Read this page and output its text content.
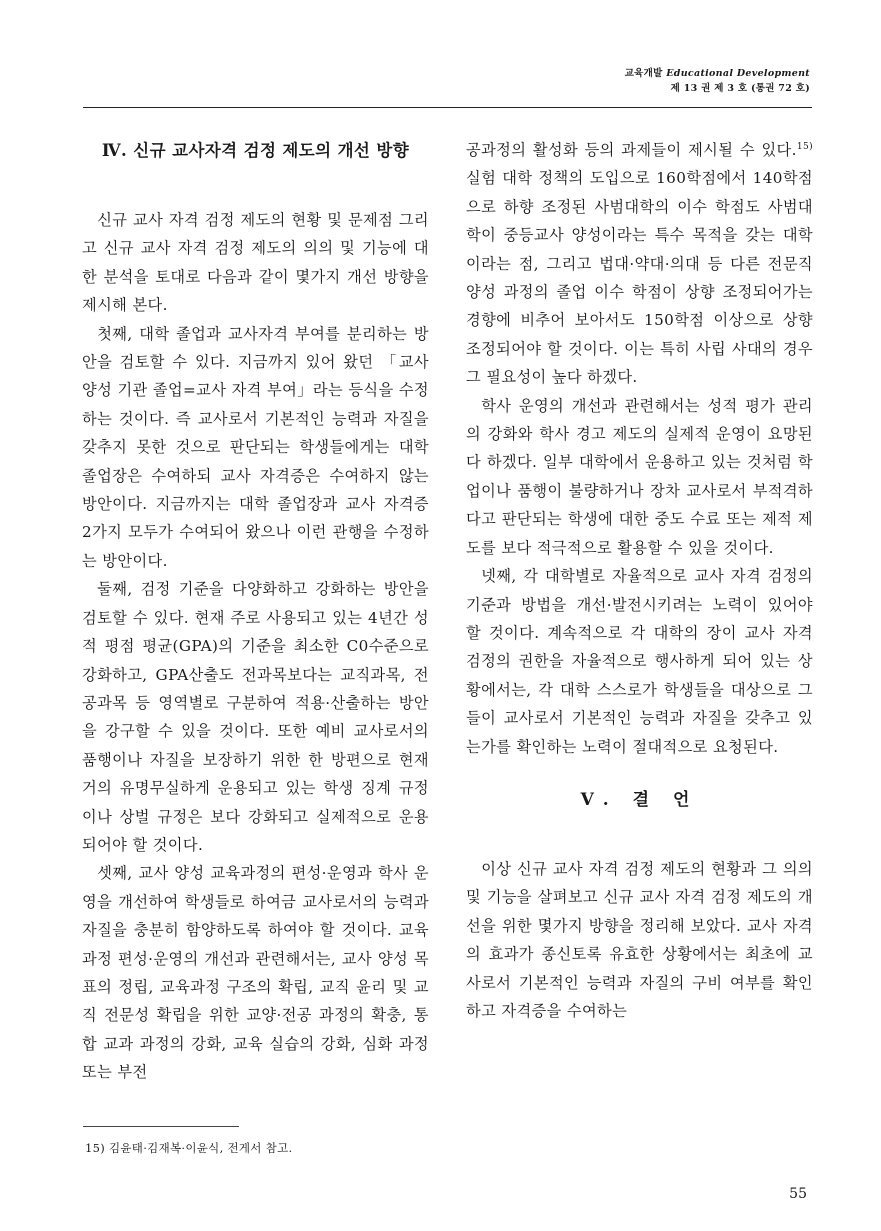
교육개발 Educational Development
제 13 권 제 3 호 (통권 72 호)
Ⅳ. 신규 교사자격 검정 제도의 개선 방향

신규 교사 자격 검정 제도의 현황 및 문제점 그리고 신규 교사 자격 검정 제도의 의의 및 기능에 대한 분석을 토대로 다음과 같이 몇가지 개선 방향을 제시해 본다.

첫째, 대학 졸업과 교사자격 부여를 분리하는 방안을 검토할 수 있다. 지금까지 있어 왔던 「교사 양성 기관 졸업=교사 자격 부여」라는 등식을 수정하는 것이다. 즉 교사로서 기본적인 능력과 자질을 갖추지 못한 것으로 판단되는 학생들에게는 대학 졸업장은 수여하되 교사 자격증은 수여하지 않는 방안이다. 지금까지는 대학 졸업장과 교사 자격증 2가지 모두가 수여되어 왔으나 이런 관행을 수정하는 방안이다.

둘째, 검정 기준을 다양화하고 강화하는 방안을 검토할 수 있다. 현재 주로 사용되고 있는 4년간 성적 평점 평균(GPA)의 기준을 최소한 C0수준으로 강화하고, GPA산출도 전과목보다는 교직과목, 전공과목 등 영역별로 구분하여 적용·산출하는 방안을 강구할 수 있을 것이다. 또한 예비 교사로서의 품행이나 자질을 보장하기 위한 한 방편으로 현재 거의 유명무실하게 운용되고 있는 학생 징계 규정이나 상벌 규정은 보다 강화되고 실제적으로 운용되어야 할 것이다.

셋째, 교사 양성 교육과정의 편성·운영과 학사 운영을 개선하여 학생들로 하여금 교사로서의 능력과 자질을 충분히 함양하도록 하여야 할 것이다. 교육과정 편성·운영의 개선과 관련해서는, 교사 양성 목표의 정립, 교육과정 구조의 확립, 교직 윤리 및 교직 전문성 확립을 위한 교양·전공 과정의 확충, 통합 교과 과정의 강화, 교육 실습의 강화, 심화 과정 또는 부전

공과정의 활성화 등의 과제들이 제시될 수 있다.$^{15)}$ 실험 대학 정책의 도입으로 160학점에서 140학점으로 하향 조정된 사범대학의 이수 학점도 사범대학이 중등교사 양성이라는 특수 목적을 갖는 대학이라는 점, 그리고 법대·약대·의대 등 다른 전문직 양성 과정의 졸업 이수 학점이 상향 조정되어가는 경향에 비추어 보아서도 150학점 이상으로 상향 조정되어야 할 것이다. 이는 특히 사립 사대의 경우 그 필요성이 높다 하겠다.

학사 운영의 개선과 관련해서는 성적 평가 관리의 강화와 학사 경고 제도의 실제적 운영이 요망된다 하겠다. 일부 대학에서 운용하고 있는 것처럼 학업이나 품행이 불량하거나 장차 교사로서 부적격하다고 판단되는 학생에 대한 중도 수료 또는 제적 제도를 보다 적극적으로 활용할 수 있을 것이다.

넷째, 각 대학별로 자율적으로 교사 자격 검정의 기준과 방법을 개선·발전시키려는 노력이 있어야 할 것이다. 계속적으로 각 대학의 장이 교사 자격 검정의 권한을 자율적으로 행사하게 되어 있는 상황에서는, 각 대학 스스로가 학생들을 대상으로 그들이 교사로서 기본적인 능력과 자질을 갖추고 있는가를 확인하는 노력이 절대적으로 요청된다.

Ⅴ. 결 언

이상 신규 교사 자격 검정 제도의 현황과 그 의의 및 기능을 살펴보고 신규 교사 자격 검정 제도의 개선을 위한 몇가지 방향을 정리해 보았다. 교사 자격의 효과가 종신토록 유효한 상황에서는 최초에 교사로서 기본적인 능력과 자질의 구비 여부를 확인하고 자격증을 수여하는

15) 김윤태·김재복·이윤식, 전게서 참고.
55
